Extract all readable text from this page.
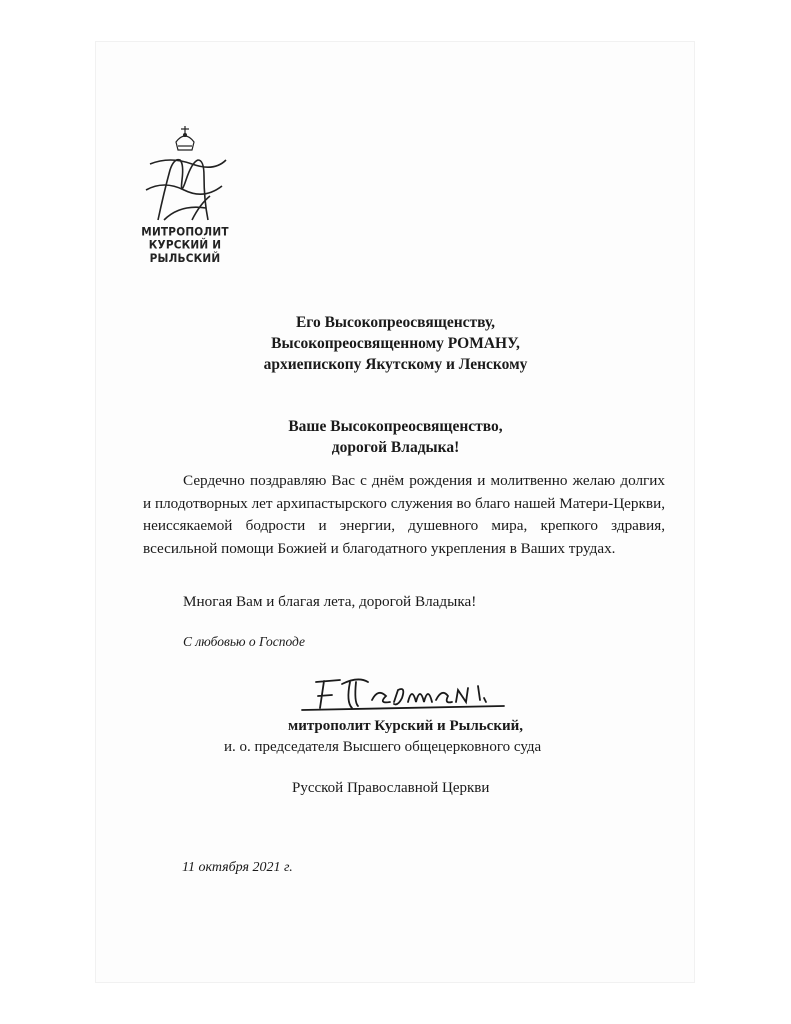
МИТРОПОЛИТ
КУРСКИЙ И РЫЛЬСКИЙ
Его Высокопреосвященству,
Высокопреосвященному РОМАНУ,
архиепископу Якутскому и Ленскому
Ваше Высокопреосвященство,
дорогой Владыка!
Сердечно поздравляю Вас с днём рождения и молитвенно желаю долгих и плодотворных лет архипастырского служения во благо нашей Матери-Церкви, неиссякаемой бодрости и энергии, душевного мира, крепкого здравия, всесильной помощи Божией и благодатного укрепления в Ваших трудах.
Многая Вам и благая лета, дорогой Владыка!
С любовью о Господе
митрополит Курский и Рыльский,
и. о. председателя Высшего общецерковного суда
Русской Православной Церкви
11 октября 2021 г.
